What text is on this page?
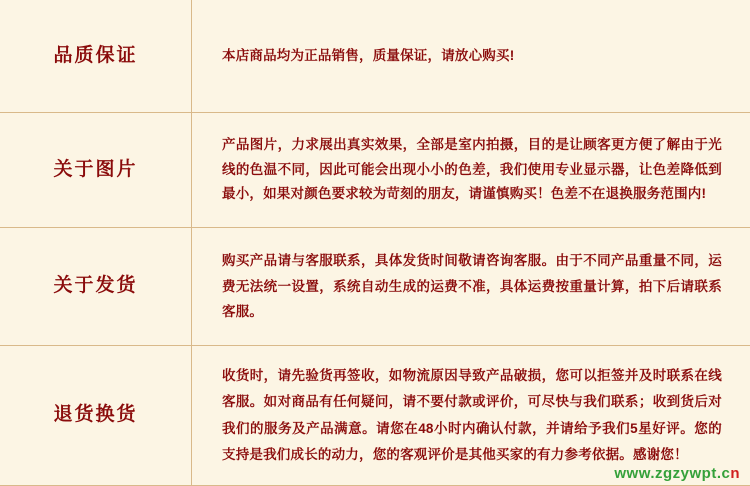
品质保证	本店商品均为正品销售，质量保证，请放心购买!
关于图片
产品图片，力求展出真实效果，全部是室内拍摄，目的是让顾客更方便了解由于光线的色温不同，因此可能会出现小小的色差，我们使用专业显示器，让色差降低到最小，如果对颜色要求较为苛刻的朋友，请谨慎购买！色差不在退换服务范围内!
关于发货
购买产品请与客服联系，具体发货时间敬请咨询客服。由于不同产品重量不同，运费无法统一设置，系统自动生成的运费不准，具体运费按重量计算，拍下后请联系客服。
退货换货
收货时，请先验货再签收，如物流原因导致产品破损，您可以拒签并及时联系在线客服。如对商品有任何疑问，请不要付款或评价，可尽快与我们联系；收到货后对我们的服务及产品满意。请您在48小时内确认付款，并请给予我们5星好评。您的支持是我们成长的动力，您的客观评价是其他买家的有力参考依据。感谢您！
www.zgzywpt.cn
